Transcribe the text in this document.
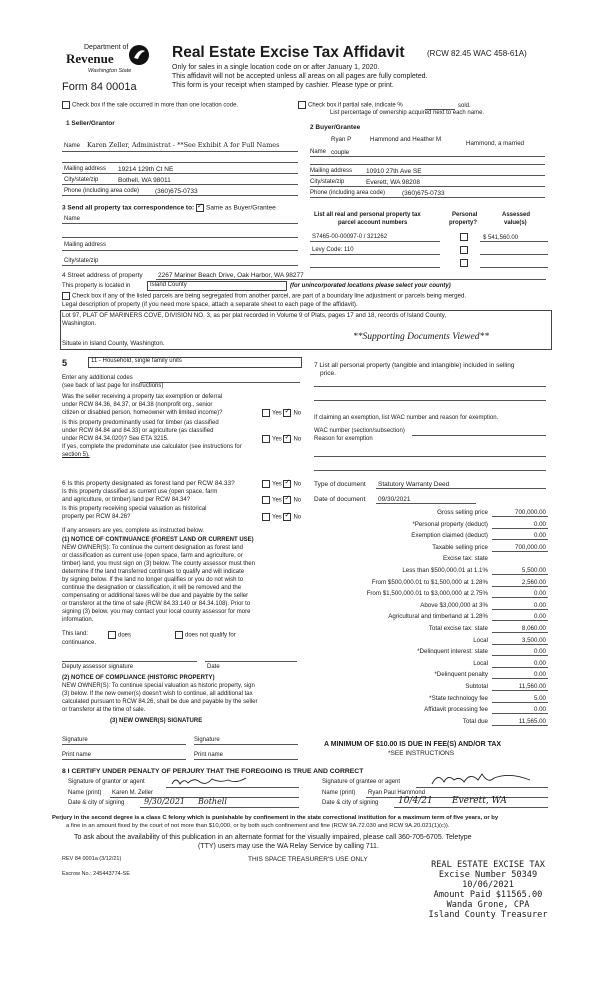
Department of
Revenue
Washington State
Form 84 0001a
Real Estate Excise Tax Affidavit	(RCW 82.45 WAC 458-61A)
Only for sales in a single location code on or after January 1, 2020.
This affidavit will not be accepted unless all areas on all pages are fully completed.
This form is your receipt when stamped by cashier. Please type or print.
Check box if the sale occurred in more than one location code.	Check box if partial sale, indicate %	sold.
List percentage of ownership acquired next to each name.
1 Seller/Grantor
Name Karen Zeller, Administrat - **See Exhibit A for Full Names
Mailing address 19214 129th Ct NE
City/state/zip	Bothell, WA 98011
Phone (including area code) (360)675-0733
2 Buyer/Grantee
Name
Ryan P	Hammond and Heather M
Hammond, a married
couple
Mailing address 10910 27th Ave SE
City/state/zip	Everett, WA 98208
Phone (including area code)	(360)675-0733
3 Send all property tax correspondence to: ✓ Same as Buyer/Grantee
Name
Mailing address
City/state/zip
List all real and personal property tax
parcel account numbers
Personal
property?
Assessed
value(s)
S7465-00-00097-0 / 321262	$ 541,560.00
Levy Code: 110
4 Street address of property 2267 Mariner Beach Drive, Oak Harbor, WA 98277
This property is located in	Island County	(for unincorporated locations please select your county)
Check box if any of the listed parcels are being segregated from another parcel, are part of a boundary line adjustment or parcels being merged.
Legal description of property (if you need more space, attach a separate sheet to each page of the affidavit).
Lot 97, PLAT OF MARINERS COVE, DIVISION NO. 3, as per plat recorded in Volume 9 of Plats, pages 17 and 18, records of Island County,
Washington.
Situate in Island County, Washington.
**Supporting Documents Viewed**
5	11 - Household, single family units
Enter any additional codes
(see back of last page for instructions)
Was the seller receiving a property tax exemption or deferral
under RCW 84.36, 84.37, or 84.38 (nonprofit org., senior
citizen or disabled person, homeowner with limited income)?	Yes ✓ No
Is this property predominantly used for timber (as classified
under RCW 84.84 and 84.33) or agriculture (as classified
under RCW 84.34.020)? See ETA 3215.	Yes ✓ No
If yes, complete the predominate use calculator (see instructions for
section 5).
7 List all personal property (tangible and intangible) included in selling
price.
If claiming an exemption, list WAC number and reason for exemption.
WAC number (section/subsection)
Reason for exemption
Type of document Statutory Warranty Deed
Date of document 09/30/2021
6 Is this property designated as forest land per RCW 84.33?	Yes ✓ No
Is this property classified as current use (open space, farm
and agriculture, or timber) land per RCW 84.34?	Yes ✓ No
Is this property receiving special valuation as historical
property per RCW 84.26?	Yes ✓ No
If any answers are yes, complete as instructed below.
(1) NOTICE OF CONTINUANCE (FOREST LAND OR CURRENT USE)
NEW OWNER(S): To continue the current designation as forest land
or classification as current use (open space, farm and agriculture, or
timber) land, you must sign on (3) below. The county assessor must then
determine if the land transferred continues to qualify and will indicate
by signing below. If the land no longer qualifies or you do not wish to
continue the designation or classification, it will be removed and the
compensating or additional taxes will be due and payable by the seller
or transferor at the time of sale (RCW 84.33.140 or 84.34.108). Prior to
signing (3) below, you may contact your local county assessor for more
information.
This land:	does	does not qualify for
continuance.
Deputy assessor signature	Date
(2) NOTICE OF COMPLIANCE (HISTORIC PROPERTY)
NEW OWNER(S): To continue special valuation as historic property, sign
(3) below. If the new owner(s) doesn't wish to continue, all additional tax
calculated pursuant to RCW 84.26, shall be due and payable by the seller
or transferor at the time of sale.
(3) NEW OWNER(S) SIGNATURE
Signature	Signature
Print name	Print name
Gross selling price	700,000.00
*Personal property (deduct)	0.00
Exemption claimed (deduct)	0.00
Taxable selling price	700,000.00
Excise tax: state
Less than $500,000.01 at 1.1%	5,500.00
From $500,000.01 to $1,500,000 at 1.28%	2,560.00
From $1,500,000.01 to $3,000,000 at 2.75%	0.00
Above $3,000,000 at 3%	0.00
Agricultural and timberland at 1.28%	0.00
Total excise tax: state	8,060.00
Local	3,500.00
*Delinquent interest: state	0.00
Local	0.00
*Delinquent penalty	0.00
Subtotal	11,560.00
*State technology fee	5.00
Affidavit processing fee	0.00
Total due	11,565.00
A MINIMUM OF $10.00 IS DUE IN FEE(S) AND/OR TAX
*SEE INSTRUCTIONS
8 I CERTIFY UNDER PENALTY OF PERJURY THAT THE FOREGOING IS TRUE AND CORRECT
Signature of grantor or agent
Name (print) Karen M. Zeller
Date & city of signing 9/30/2021 Bothell
Signature of grantee or agent
Name (print) Ryan Paul Hammond
Date & city of signing 10/4/21 Everett, WA
Perjury in the second degree is a class C felony which is punishable by confinement in the state correctional institution for a maximum term of five years, or by
a fine in an amount fixed by the court of not more than $10,000, or by both such confinement and fine (RCW 9A.72.030 and RCW 9A.20.021(1)(c)).
To ask about the availability of this publication in an alternate format for the visually impaired, please call 360-705-6705. Teletype
(TTY) users may use the WA Relay Service by calling 711.
REV 84 0001a (3/12/21)	THIS SPACE TREASURER'S USE ONLY
Escrow No.: 245443774-SE
REAL ESTATE EXCISE TAX
Excise Number 50349
10/06/2021
Amount Paid $11565.00
Wanda Grone, CPA
Island County Treasurer
